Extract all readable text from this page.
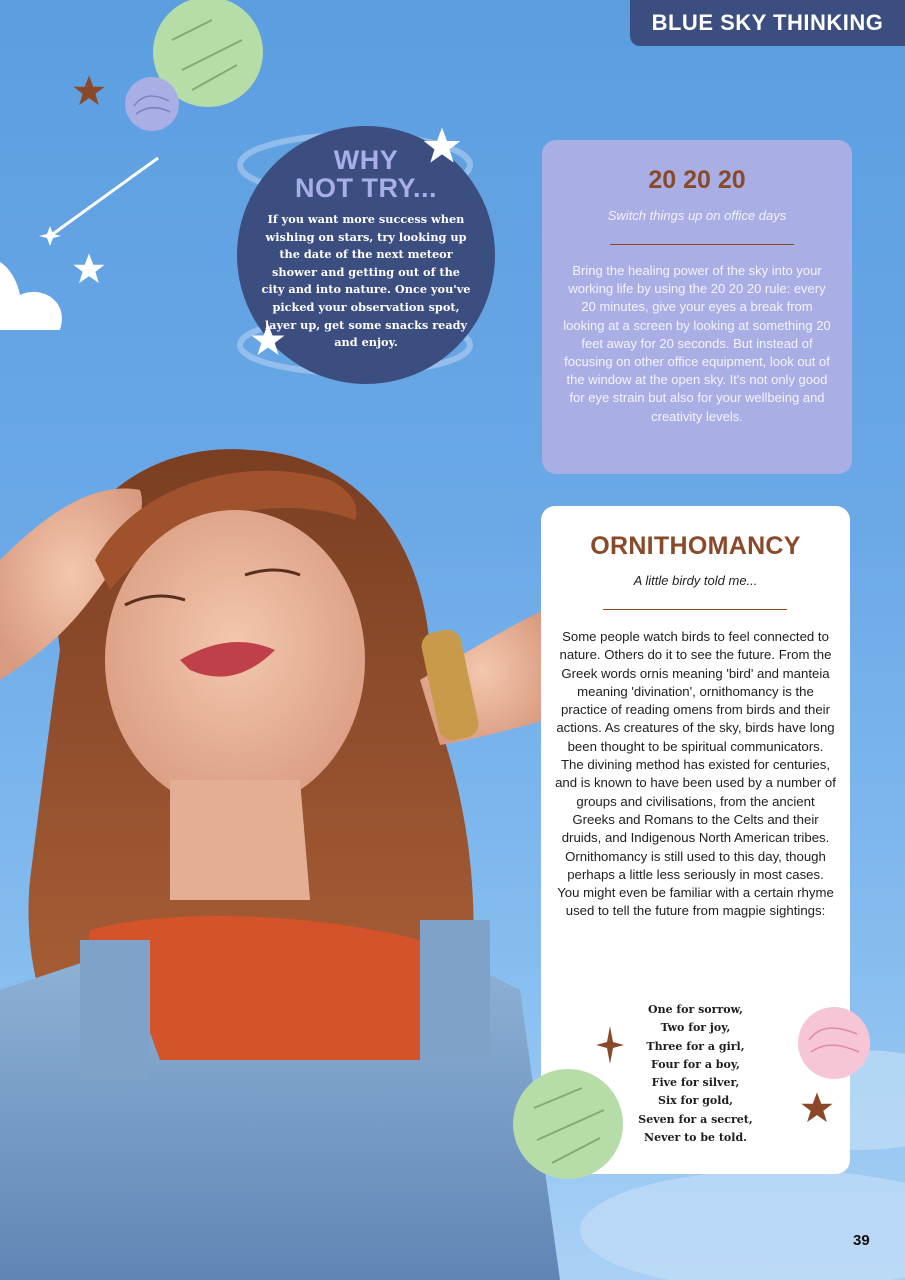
BLUE SKY THINKING
WHY
NOT TRY...
If you want more success when wishing on stars, try looking up the date of the next meteor shower and getting out of the city and into nature. Once you've picked your observation spot, layer up, get some snacks ready and enjoy.
20 20 20
Switch things up on office days
Bring the healing power of the sky into your working life by using the 20 20 20 rule: every 20 minutes, give your eyes a break from looking at a screen by looking at something 20 feet away for 20 seconds. But instead of focusing on other office equipment, look out of the window at the open sky. It's not only good for eye strain but also for your wellbeing and creativity levels.
ORNITHOMANCY
A little birdy told me...
Some people watch birds to feel connected to nature. Others do it to see the future. From the Greek words ornis meaning 'bird' and manteia meaning 'divination', ornithomancy is the practice of reading omens from birds and their actions. As creatures of the sky, birds have long been thought to be spiritual communicators. The divining method has existed for centuries, and is known to have been used by a number of groups and civilisations, from the ancient Greeks and Romans to the Celts and their druids, and Indigenous North American tribes. Ornithomancy is still used to this day, though perhaps a little less seriously in most cases. You might even be familiar with a certain rhyme used to tell the future from magpie sightings:
One for sorrow,
Two for joy,
Three for a girl,
Four for a boy,
Five for silver,
Six for gold,
Seven for a secret,
Never to be told.
39
